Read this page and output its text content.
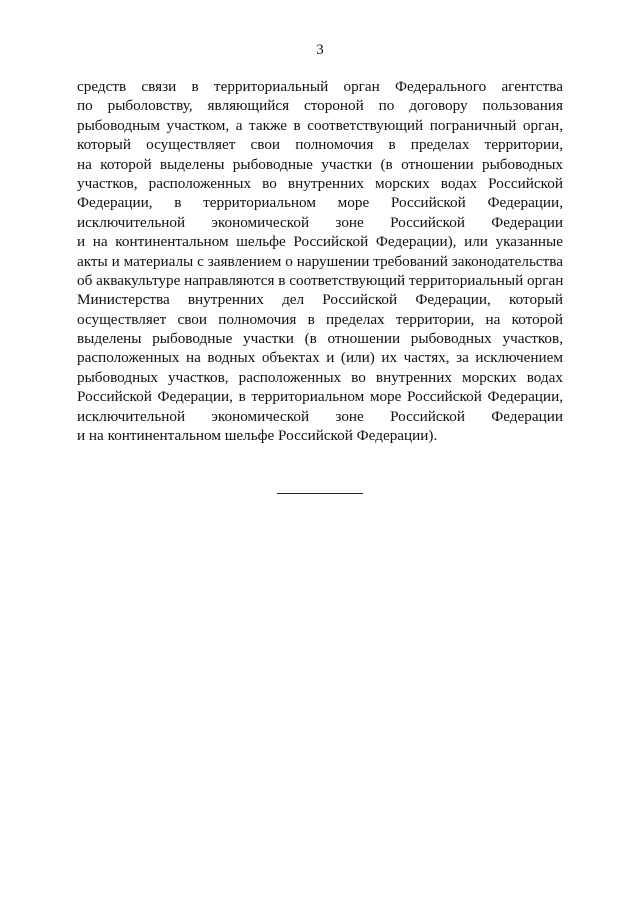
3
средств связи в территориальный орган Федерального агентства
по рыболовству, являющийся стороной по договору пользования
рыбоводным участком, а также в соответствующий пограничный орган,
который осуществляет свои полномочия в пределах территории,
на которой выделены рыбоводные участки (в отношении рыбоводных
участков, расположенных во внутренних морских водах Российской
Федерации, в территориальном море Российской Федерации,
исключительной экономической зоне Российской Федерации
и на континентальном шельфе Российской Федерации), или указанные
акты и материалы с заявлением о нарушении требований законодательства
об аквакультуре направляются в соответствующий территориальный орган
Министерства внутренних дел Российской Федерации, который
осуществляет свои полномочия в пределах территории, на которой
выделены рыбоводные участки (в отношении рыбоводных участков,
расположенных на водных объектах и (или) их частях, за исключением
рыбоводных участков, расположенных во внутренних морских водах
Российской Федерации, в территориальном море Российской Федерации,
исключительной экономической зоне Российской Федерации
и на континентальном шельфе Российской Федерации).
